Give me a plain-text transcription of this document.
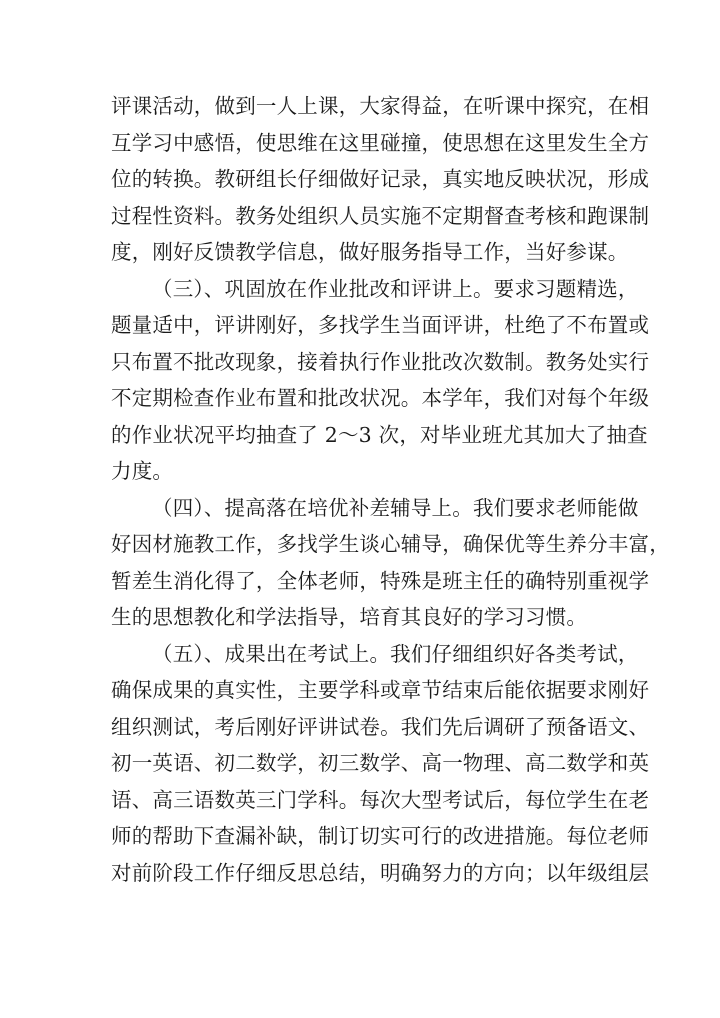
评课活动，做到一人上课，大家得益，在听课中探究，在相
互学习中感悟，使思维在这里碰撞，使思想在这里发生全方
位的转换。教研组长仔细做好记录，真实地反映状况，形成
过程性资料。教务处组织人员实施不定期督查考核和跑课制
度，刚好反馈教学信息，做好服务指导工作，当好参谋。
（三）、巩固放在作业批改和评讲上。要求习题精选，
题量适中，评讲刚好，多找学生当面评讲，杜绝了不布置或
只布置不批改现象，接着执行作业批改次数制。教务处实行
不定期检查作业布置和批改状况。本学年，我们对每个年级
的作业状况平均抽查了 2～3 次，对毕业班尤其加大了抽查
力度。
（四）、提高落在培优补差辅导上。我们要求老师能做
好因材施教工作，多找学生谈心辅导，确保优等生养分丰富，
暂差生消化得了，全体老师，特殊是班主任的确特别重视学
生的思想教化和学法指导，培育其良好的学习习惯。
（五）、成果出在考试上。我们仔细组织好各类考试，
确保成果的真实性，主要学科或章节结束后能依据要求刚好
组织测试，考后刚好评讲试卷。我们先后调研了预备语文、
初一英语、初二数学，初三数学、高一物理、高二数学和英
语、高三语数英三门学科。每次大型考试后，每位学生在老
师的帮助下查漏补缺，制订切实可行的改进措施。每位老师
对前阶段工作仔细反思总结，明确努力的方向；以年级组层
